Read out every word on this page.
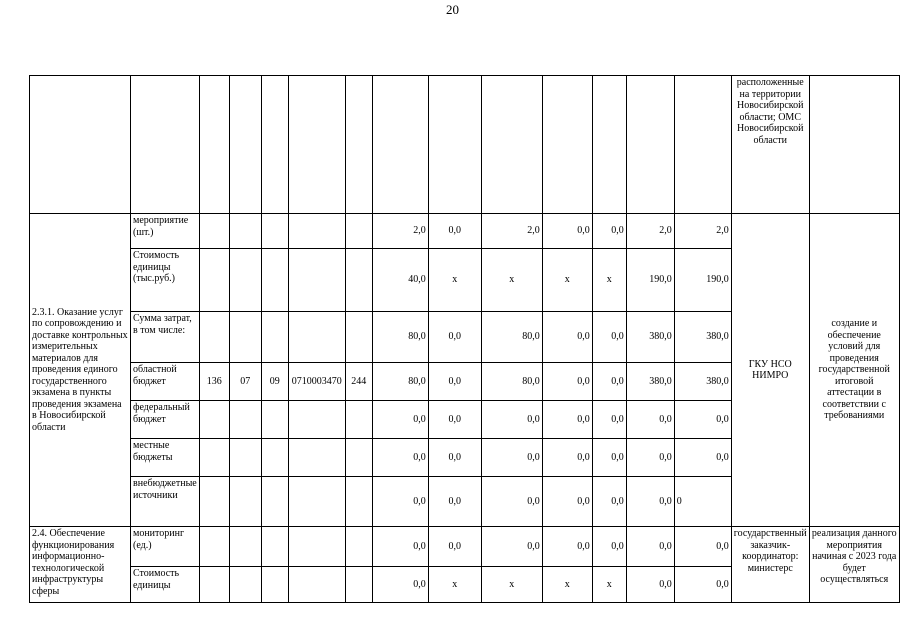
20
														расположенные на территории Новосибирской области; ОМС Новосибирской области	
2.3.1. Оказание услуг по сопровождению и доставке контрольных измерительных материалов для проведения единого государственного экзамена в пункты проведения экзамена в Новосибирской области	мероприятие (шт.)						2,0	0,0	2,0	0,0	0,0	2,0	2,0	ГКУ НСО НИМРО	создание и обеспечение условий для проведения государственной итоговой аттестации в соответствии с требованиями
	Стоимость единицы (тыс.руб.)						40,0	x	x	x	x	190,0	190,0		
	Сумма затрат, в том числе:						80,0	0,0	80,0	0,0	0,0	380,0	380,0		
	областной бюджет	136	07	09	0710003470	244	80,0	0,0	80,0	0,0	0,0	380,0	380,0		
	федеральный бюджет						0,0	0,0	0,0	0,0	0,0	0,0	0,0		
	местные бюджеты						0,0	0,0	0,0	0,0	0,0	0,0	0,0		
	внебюджетные источники						0,0	0,0	0,0	0,0	0,0	0,0	0		
2.4. Обеспечение функционирования информационно-технологической инфраструктуры сферы	мониторинг (ед.)						0,0	0,0	0,0	0,0	0,0	0,0	0,0	государственный заказчик-координатор: министерс	реализация данного мероприятия начиная с 2023 года будет осуществляться
	Стоимость единицы						0,0	x	x	x	x	0,0	0,0		
